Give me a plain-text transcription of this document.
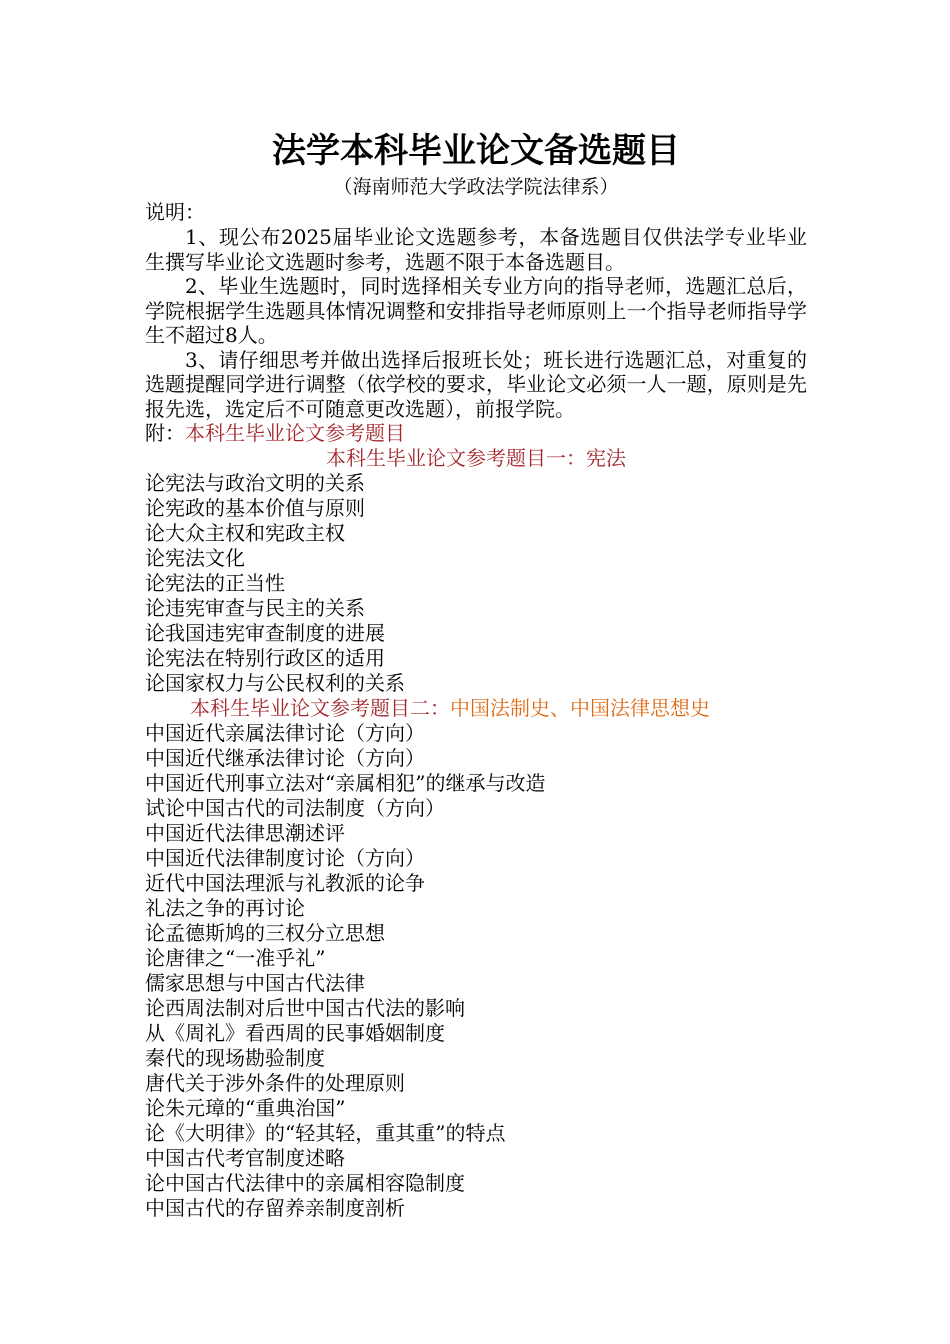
法学本科毕业论文备选题目

（海南师范大学政法学院法律系）

说明：

1、现公布2025届毕业论文选题参考，本备选题目仅供法学专业毕业生撰写毕业论文选题时参考，选题不限于本备选题目。

2、毕业生选题时，同时选择相关专业方向的指导老师，选题汇总后，学院根据学生选题具体情况调整和安排指导老师原则上一个指导老师指导学生不超过8人。

3、请仔细思考并做出选择后报班长处；班长进行选题汇总，对重复的选题提醒同学进行调整（依学校的要求，毕业论文必须一人一题，原则是先报先选，选定后不可随意更改选题），前报学院。

附：本科生毕业论文参考题目

本科生毕业论文参考题目一：宪法

论宪法与政治文明的关系
论宪政的基本价值与原则
论大众主权和宪政主权
论宪法文化
论宪法的正当性
论违宪审查与民主的关系
论我国违宪审查制度的进展
论宪法在特别行政区的适用
论国家权力与公民权利的关系

本科生毕业论文参考题目二：中国法制史、中国法律思想史

中国近代亲属法律讨论（方向）
中国近代继承法律讨论（方向）
中国近代刑事立法对“亲属相犯”的继承与改造
试论中国古代的司法制度（方向）
中国近代法律思潮述评
中国近代法律制度讨论（方向）
近代中国法理派与礼教派的论争
礼法之争的再讨论
论孟德斯鸠的三权分立思想
论唐律之“一准乎礼”
儒家思想与中国古代法律
论西周法制对后世中国古代法的影响
从《周礼》看西周的民事婚姻制度
秦代的现场勘验制度
唐代关于涉外条件的处理原则
论朱元璋的“重典治国”
论《大明律》的“轻其轻，重其重”的特点
中国古代考官制度述略
论中国古代法律中的亲属相容隐制度
中国古代的存留养亲制度剖析
